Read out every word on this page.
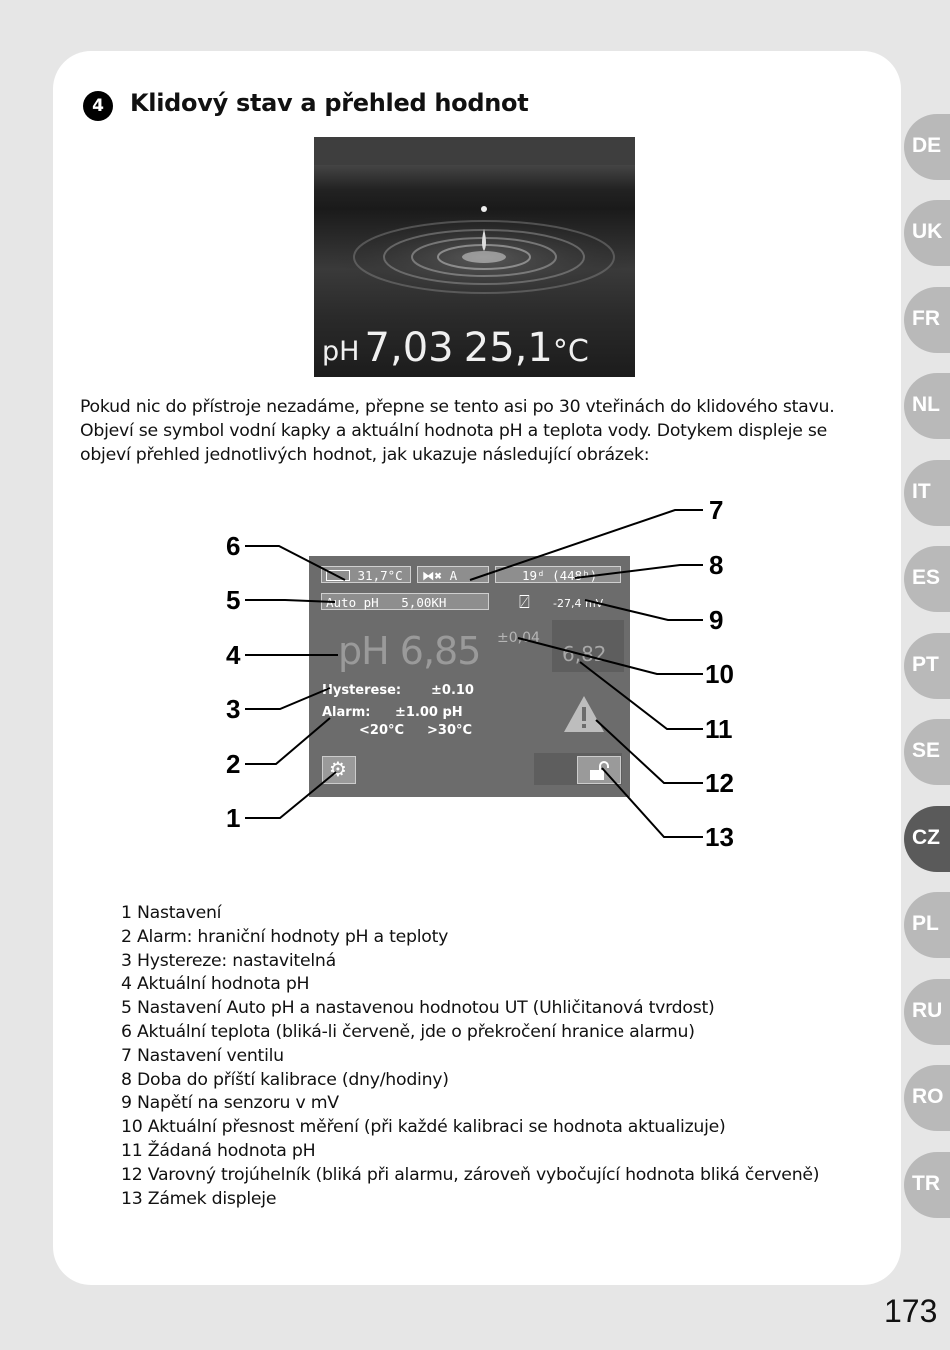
4	Klidový stav a přehled hodnot
pH 7,03 25,1°C

Pokud nic do přístroje nezadáme, přepne se tento asi po 30 vteřinách do klidového stavu.
Objeví se symbol vodní kapky a aktuální hodnota pH a teplota vody. Dotykem displeje se
objeví přehled jednotlivých hodnot, jak ukazuje následující obrázek:

31,7°C	⧓✖ A	19ᵈ (448ʰ)
Auto pH 5,00KH	⍁ -27,4 mV
pH 6,85 ±0,04
6,82
Hysterese: ±0.10
Alarm: ±1.00 pH
<20°C >30°C
⚙
6
5
4
3
2
1
7
8
9
10
11
12
13
1 Nastavení
2 Alarm: hraniční hodnoty pH a teploty
3 Hystereze: nastavitelná
4 Aktuální hodnota pH
5 Nastavení Auto pH a nastavenou hodnotou UT (Uhličitanová tvrdost)
6 Aktuální teplota (bliká-li červeně, jde o překročení hranice alarmu)
7 Nastavení ventilu
8 Doba do příští kalibrace (dny/hodiny)
9 Napětí na senzoru v mV
10 Aktuální přesnost měření (při každé kalibraci se hodnota aktualizuje)
11 Žádaná hodnota pH
12 Varovný trojúhelník (bliká při alarmu, zároveň vybočující hodnota bliká červeně)
13 Zámek displeje
DE
UK
FR
NL
IT
ES
PT
SE
CZ
PL
RU
RO
TR
173
